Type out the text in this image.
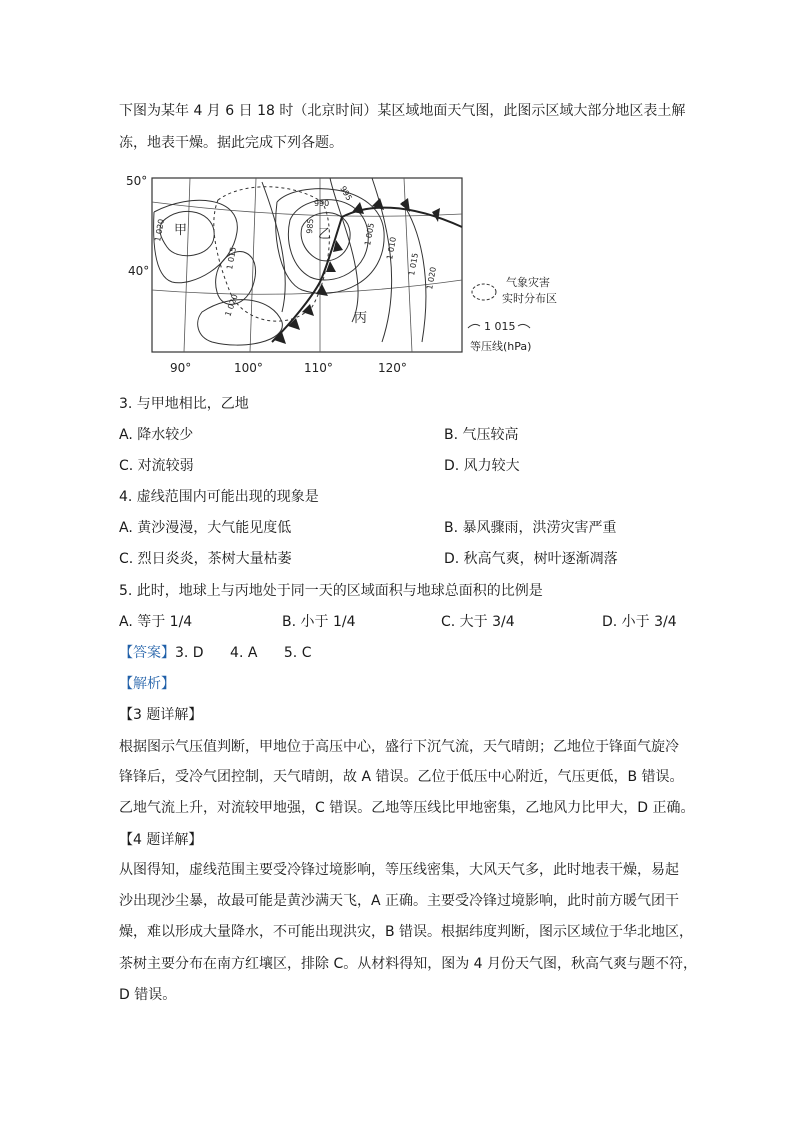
下图为某年 4 月 6 日 18 时（北京时间）某区域地面天气图，此图示区域大部分地区表土解
冻，地表干燥。据此完成下列各题。
50°
40°
1 020
1 015
1 020
990
995
985	1 005
1 010
1 015
1 020
甲	乙
丙
90°	100°	110°	120°
气象灾害
实时分布区
1 015
等压线(hPa)
3. 与甲地相比，乙地
A. 降水较少	B. 气压较高
C. 对流较弱	D. 风力较大
4. 虚线范围内可能出现的现象是
A. 黄沙漫漫，大气能见度低	B. 暴风骤雨，洪涝灾害严重
C. 烈日炎炎，茶树大量枯萎	D. 秋高气爽，树叶逐渐凋落
5. 此时，地球上与丙地处于同一天的区域面积与地球总面积的比例是
A. 等于 1/4	B. 小于 1/4	C. 大于 3/4	D. 小于 3/4
【答案】3. D 4. A 5. C
【解析】
【3 题详解】
根据图示气压值判断，甲地位于高压中心，盛行下沉气流，天气晴朗；乙地位于锋面气旋冷
锋锋后，受冷气团控制，天气晴朗，故 A 错误。乙位于低压中心附近，气压更低，B 错误。
乙地气流上升，对流较甲地强，C 错误。乙地等压线比甲地密集，乙地风力比甲大，D 正确。
【4 题详解】
从图得知，虚线范围主要受冷锋过境影响，等压线密集，大风天气多，此时地表干燥，易起
沙出现沙尘暴，故最可能是黄沙满天飞，A 正确。主要受冷锋过境影响，此时前方暖气团干
燥，难以形成大量降水，不可能出现洪灾，B 错误。根据纬度判断，图示区域位于华北地区，
茶树主要分布在南方红壤区，排除 C。从材料得知，图为 4 月份天气图，秋高气爽与题不符，
D 错误。
